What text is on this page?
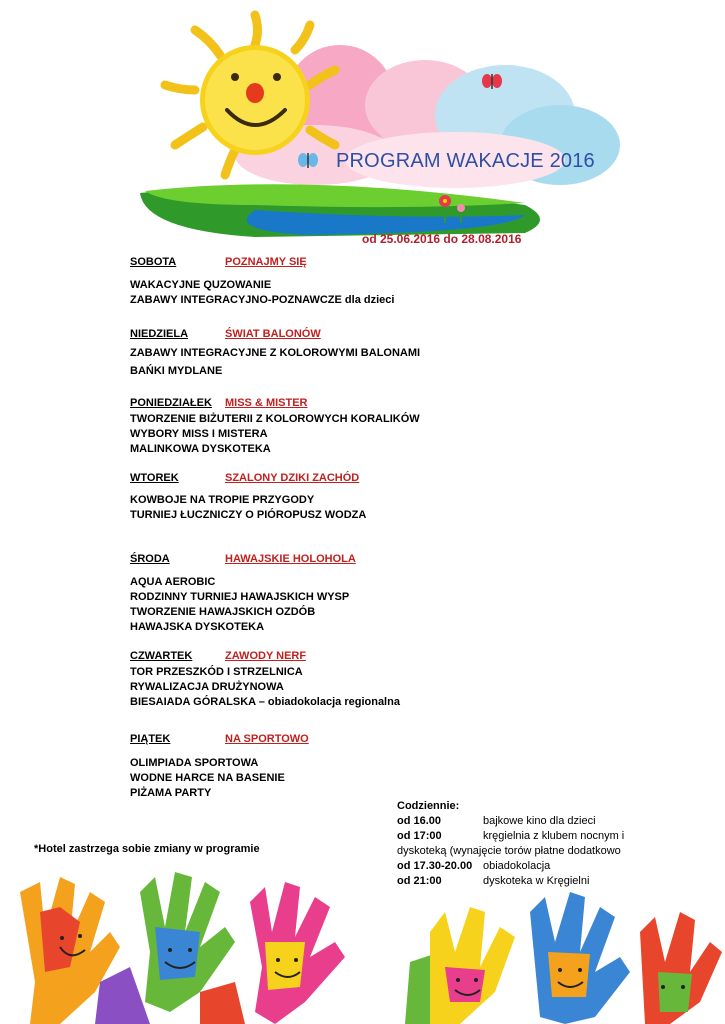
PROGRAM WAKACJE 2016
od 25.06.2016 do 28.08.2016
SOBOTA	POZNAJMY SIĘ
WAKACYJNE QUZOWANIE
ZABAWY INTEGRACYJNO-POZNAWCZE dla dzieci
NIEDZIELA	ŚWIAT BALONÓW
ZABAWY INTEGRACYJNE Z KOLOROWYMI BALONAMI
BAŃKI MYDLANE
PONIEDZIAŁEK MISS & MISTER
TWORZENIE BIŻUTERII Z KOLOROWYCH KORALIKÓW
WYBORY MISS I MISTERA
MALINKOWA DYSKOTEKA
WTOREK	SZALONY DZIKI ZACHÓD
KOWBOJE NA TROPIE PRZYGODY
TURNIEJ ŁUCZNICZY O PIÓROPUSZ WODZA
ŚRODA	HAWAJSKIE HOLOHOLA
AQUA AEROBIC
RODZINNY TURNIEJ HAWAJSKICH WYSP
TWORZENIE HAWAJSKICH OZDÓB
HAWAJSKA DYSKOTEKA
CZWARTEK	ZAWODY NERF
TOR PRZESZKÓD I STRZELNICA
RYWALIZACJA DRUŻYNOWA
BIESAIADA GÓRALSKA – obiadokolacja regionalna
PIĄTEK	NA SPORTOWO
OLIMPIADA SPORTOWA
WODNE HARCE NA BASENIE
PIŻAMA PARTY
Codziennie:
od 16.00	bajkowe kino dla dzieci
od 17:00	kręgielnia z klubem nocnym i
dyskoteką (wynajęcie torów płatne dodatkowo
od 17.30-20.00 obiadokolacja
od 21:00	dyskoteka w Kręgielni
*Hotel zastrzega sobie zmiany w programie
